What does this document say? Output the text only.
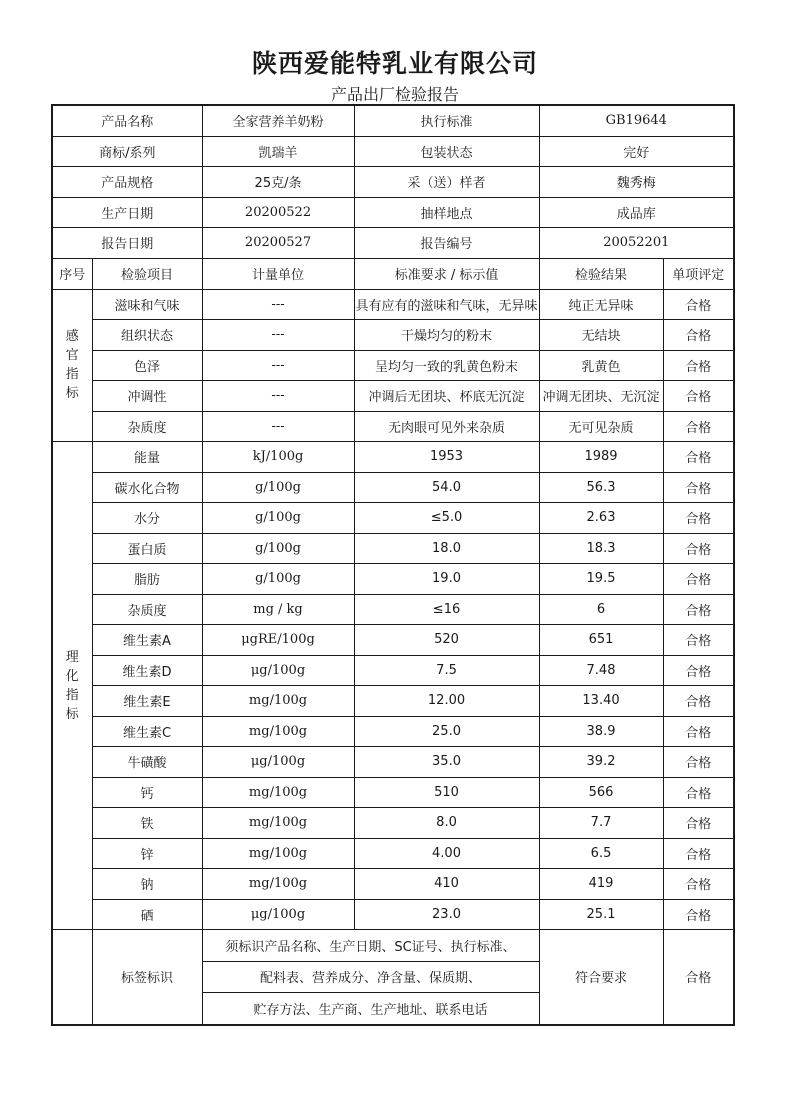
陕西爱能特乳业有限公司
产品出厂检验报告
产品名称		全家营养羊奶粉	执行标准	GB19644	
商标/系列		凯瑞羊	包装状态	完好	
产品规格		25克/条	采（送）样者	魏秀梅	
生产日期		20200522	抽样地点	成品库	
报告日期		20200527	报告编号	20052201	
序号	检验项目	计量单位	标准要求 / 标示值	检验结果	单项评定

感
官
指
标	滋味和气味	---	具有应有的滋味和气味，无异味	纯正无异味	合格
	组织状态	---	干燥均匀的粉末	无结块	合格
	色泽	---	呈均匀一致的乳黄色粉末	乳黄色	合格
	冲调性	---	冲调后无团块、杯底无沉淀	冲调无团块、无沉淀	合格
	杂质度	---	无肉眼可见外来杂质	无可见杂质	合格

理
化
指
标	能量	kJ/100g	1953	1989	合格
	碳水化合物	g/100g	54.0	56.3	合格
	水分	g/100g	≤5.0	2.63	合格
	蛋白质	g/100g	18.0	18.3	合格
	脂肪	g/100g	19.0	19.5	合格
	杂质度	mg / kg	≤16	6	合格
	维生素A	μgRE/100g	520	651	合格
	维生素D	μg/100g	7.5	7.48	合格
	维生素E	mg/100g	12.00	13.40	合格
	维生素C	mg/100g	25.0	38.9	合格
	牛磺酸	μg/100g	35.0	39.2	合格
	钙	mg/100g	510	566	合格
	铁	mg/100g	8.0	7.7	合格
	锌	mg/100g	4.00	6.5	合格
	钠	mg/100g	410	419	合格
	硒	μg/100g	23.0	25.1	合格
	标签标识	须标识产品名称、生产日期、SC证号、执行标准、		符合要求	合格
		配料表、营养成分、净含量、保质期、			
		贮存方法、生产商、生产地址、联系电话			
